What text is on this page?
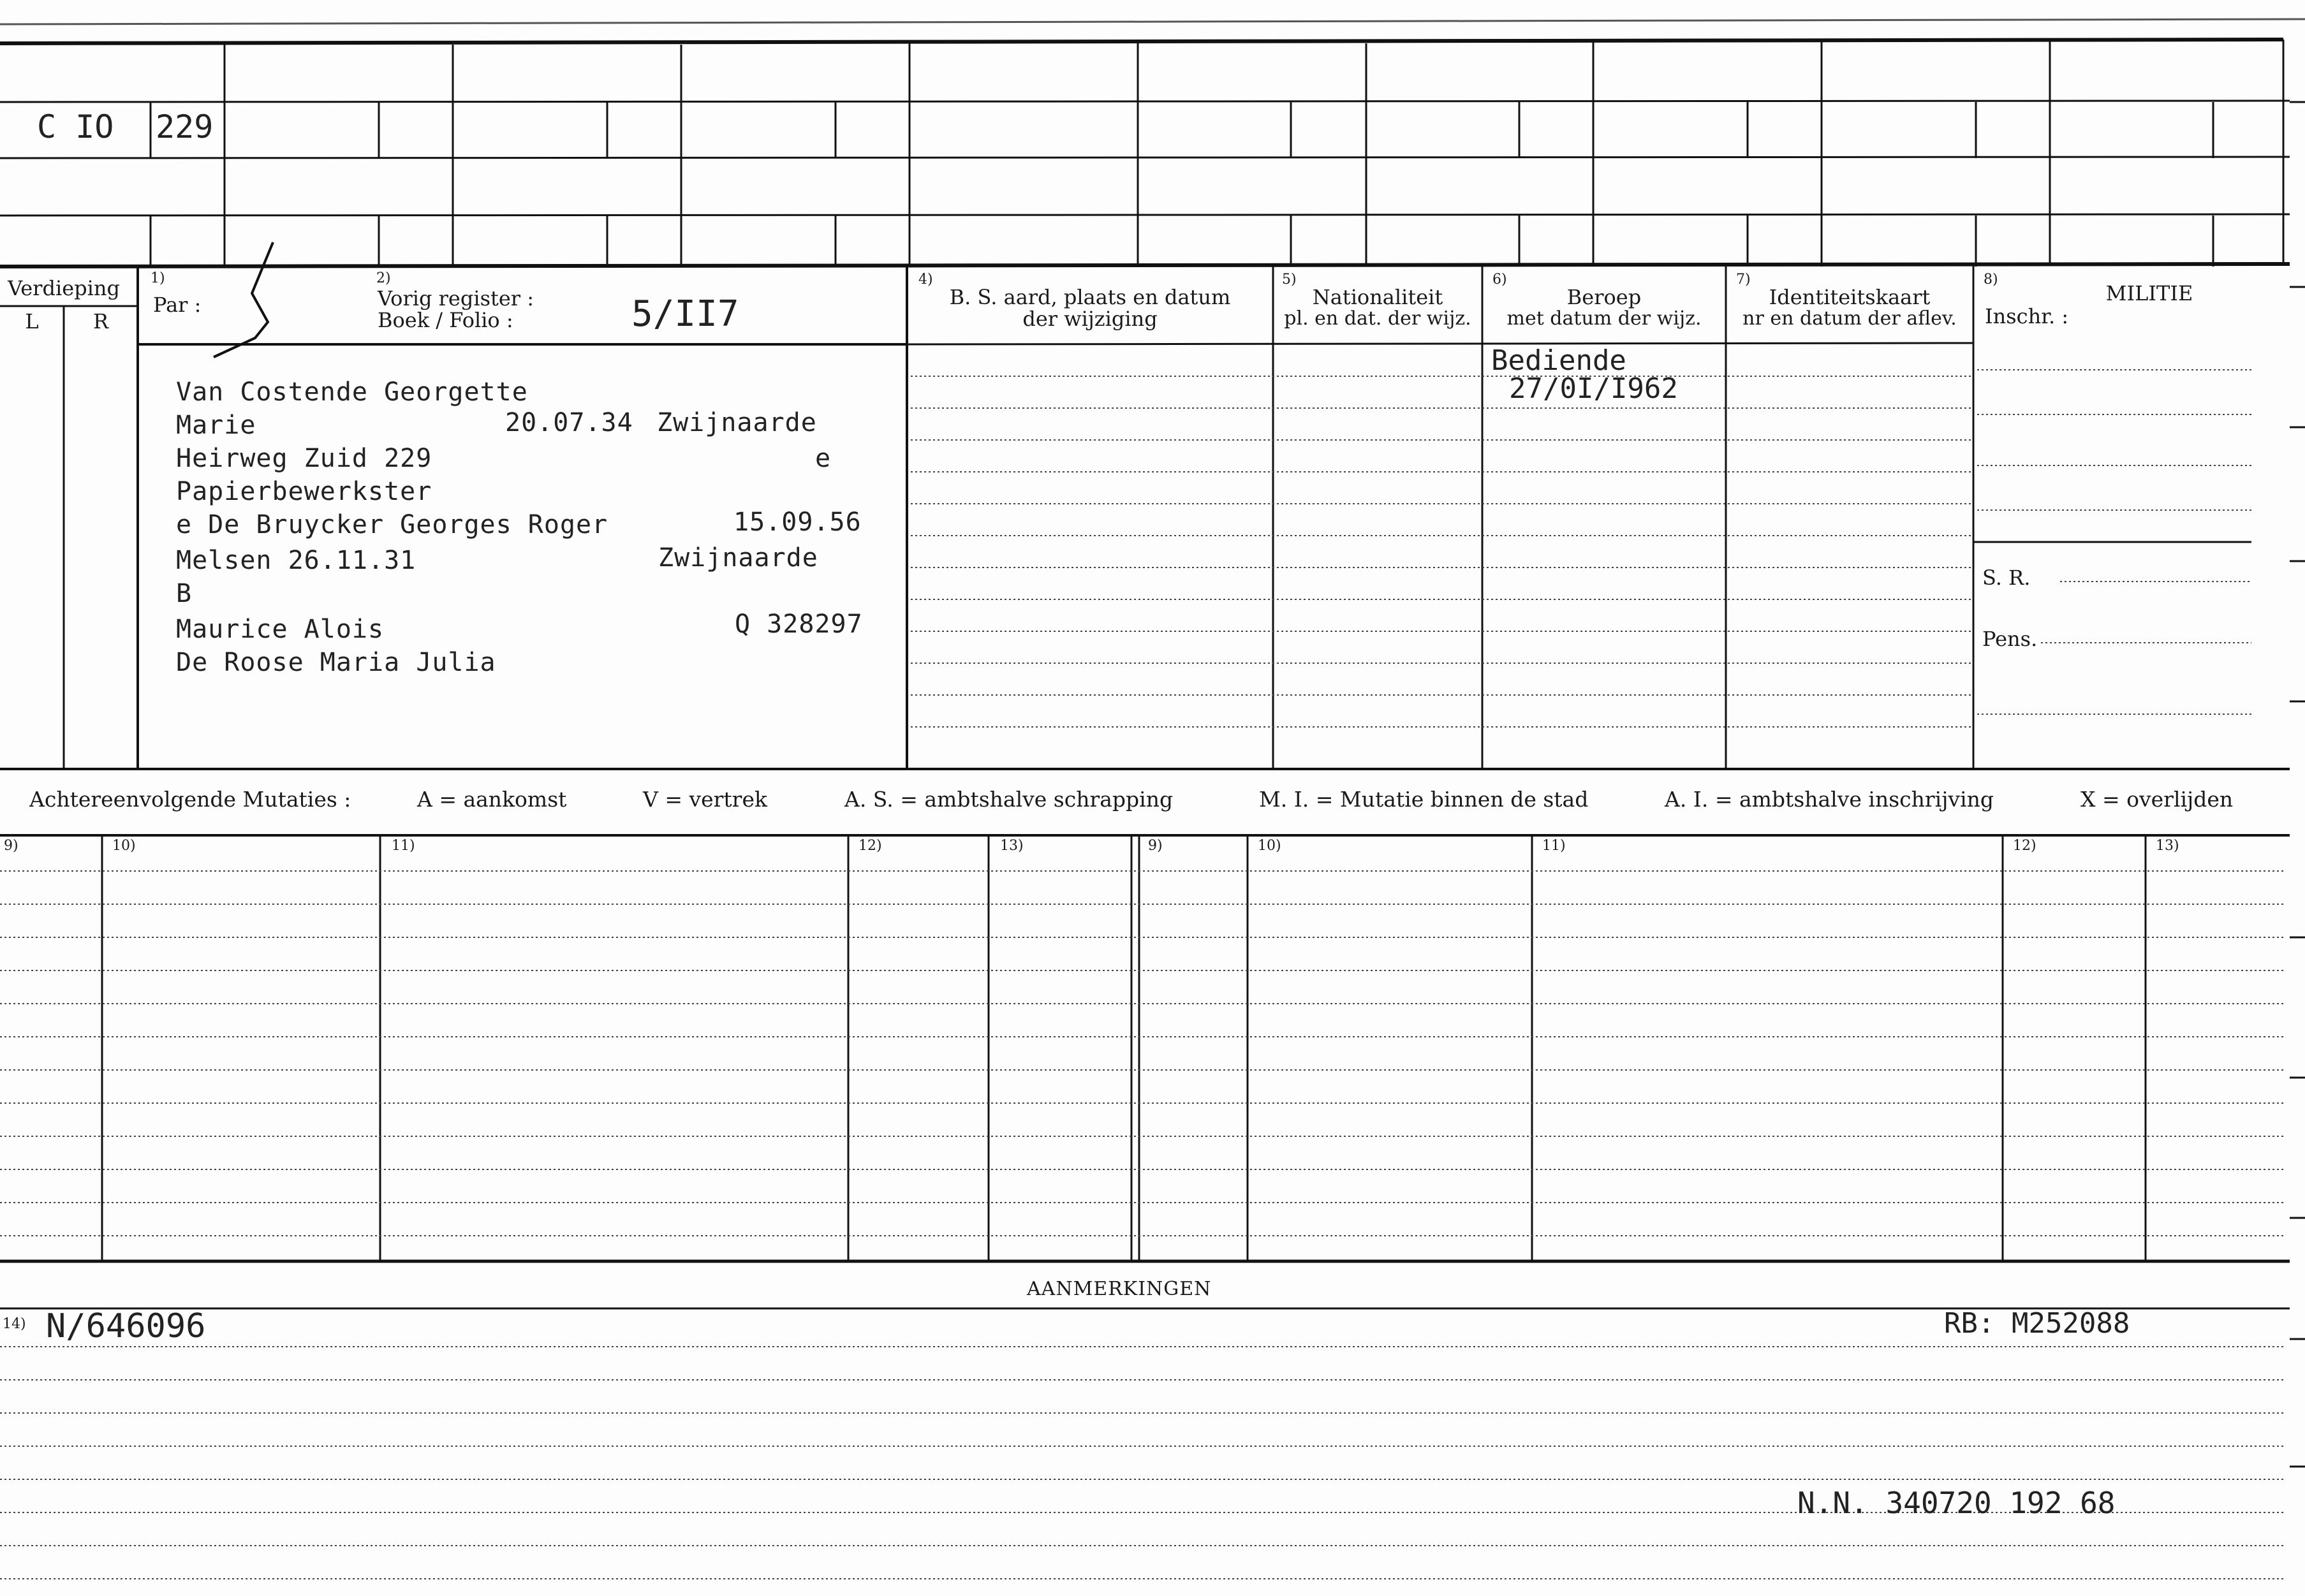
C IO 229
Verdieping
L	R
1)
Par :
2)
Vorig register :
Boek / Folio :	5/II7
4)
B. S. aard, plaats en datum
der wijziging
5)
Nationaliteit
pl. en dat. der wijz.
6)
Beroep
met datum der wijz.
7)
Identiteitskaart
nr en datum der aflev.
8)
MILITIE
Inschr. :
S. R.
Pens.
Van Costende Georgette
Marie	20.07.34 Zwijnaarde
Heirweg Zuid 229	e
Papierbewerkster
e De Bruycker Georges Roger	15.09.56
Melsen 26.11.31	Zwijnaarde
B
Maurice Alois	Q 328297
De Roose Maria Julia
Bediende
27/0I/I962
Achtereenvolgende Mutaties :	A = aankomst	V = vertrek	A. S. = ambtshalve schrapping	M. I. = Mutatie binnen de stad	A. I. = ambtshalve inschrijving	X = overlijden
9)	10)	11)	12)	13)	9)	10)	11)	12)	13)
AANMERKINGEN
14) N/646096	RB: M252088
N.N. 340720 192 68
